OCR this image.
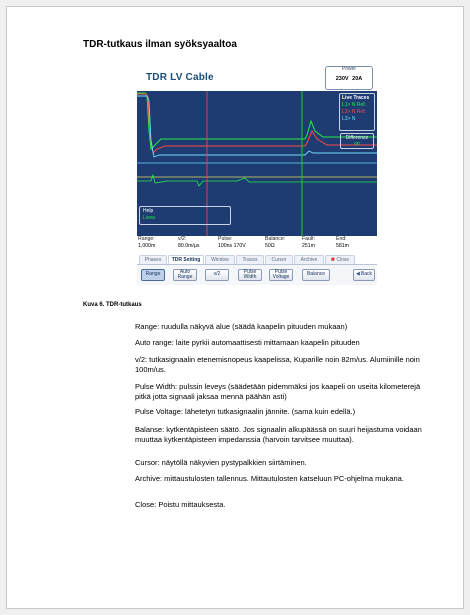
TDR-tutkaus ilman syöksyaaltoa
TDR LV Cable
Power
230V 20A
Live Traces
L1> N Ref.
L2> N Ref.
L3> N
Difference
on
Help
Livea
Range:
1,000m
v/2:
80.0m/µs
Pulse:
100ns 170V
Balance:
50Ω
Fault:
251m
End:
581m
Phases	TDR Setting	Window	Traces	Cursor	Archive	✖ Close
Range	Auto Range	v/2	Pulse Width
Pulse Voltage	Balance	◀ Back
Kuva 6. TDR-tutkaus
Range: ruudulla näkyvä alue (säädä kaapelin pituuden mukaan)
Auto range: laite pyrkii automaattisesti mittamaan kaapelin pituuden
v/2: tutkasignaalin etenemisnopeus kaapelissa, Kuparille noin 82m/us. Alumiinille noin 100m/us.
Pulse Width: pulssin leveys (säädetään pidemmäksi jos kaapeli on useita kilometerejä pitkä jotta signaali jaksaa mennä päähän asti)
Pulse Voltage: lähetetyn tutkasignaalin jännite. (sama kuin edellä.)
Balanse: kytkentäpisteen säätö. Jos signaalin alkupäässä on suuri heijastuma voidaan muuttaa kytkentäpisteen impedanssia (harvoin tarvitsee muuttaa).
Cursor: näytöllä näkyvien pystypalkkien siirtäminen.
Archive: mittaustulosten tallennus. Mittautulosten katseluun PC-ohjelma mukana.
Close: Poistu mittauksesta.
